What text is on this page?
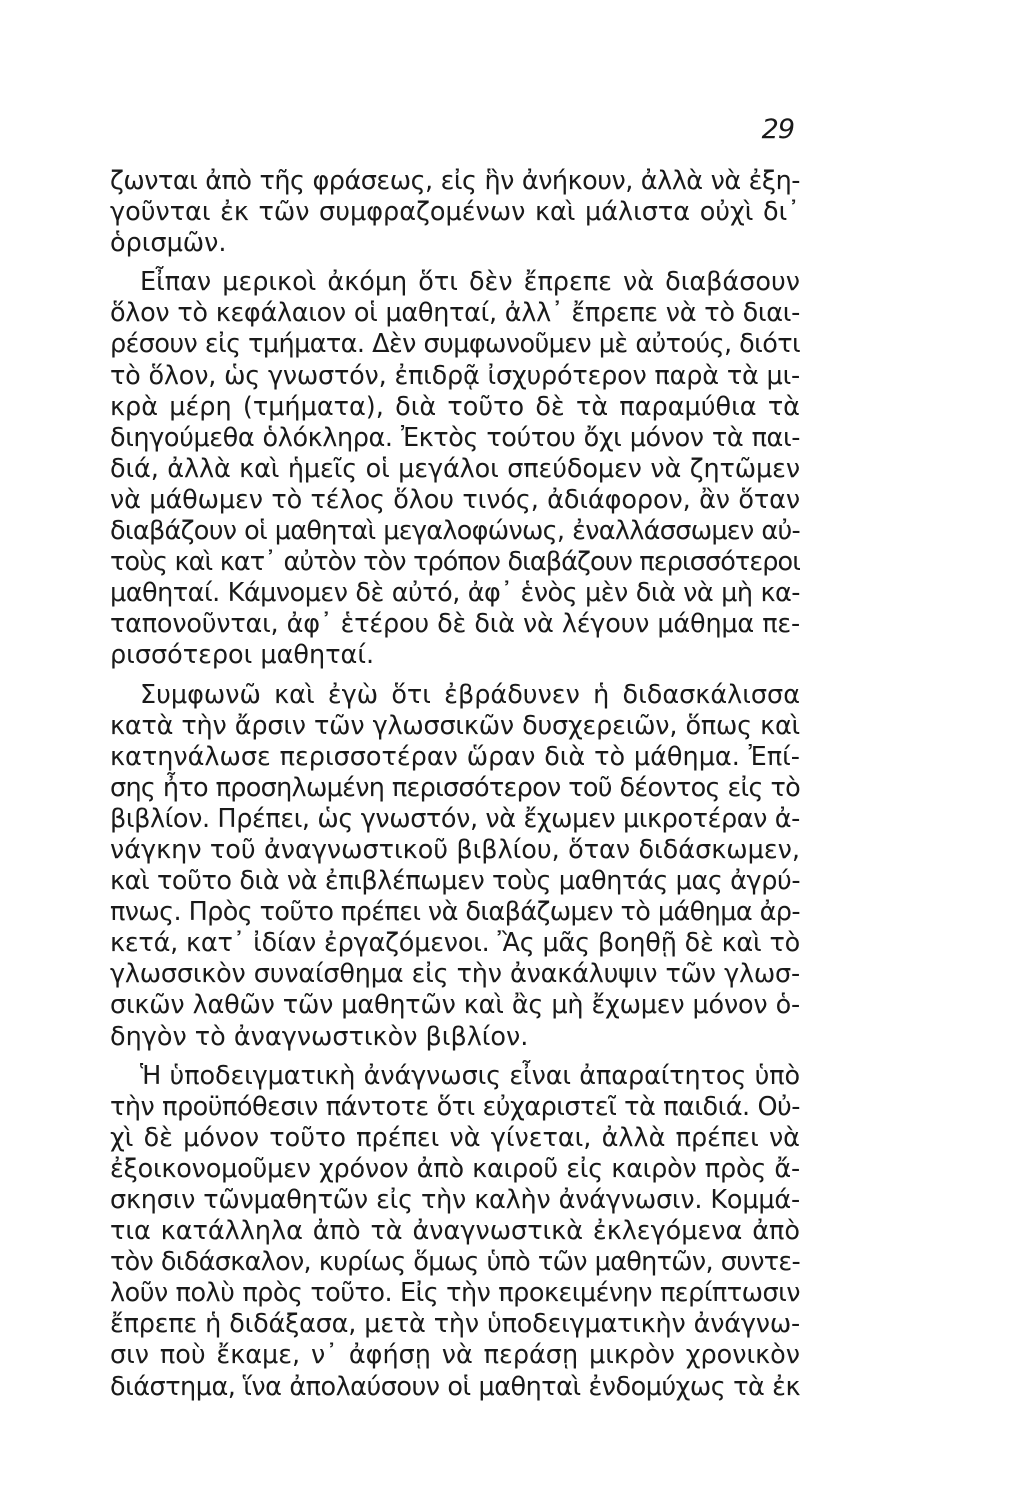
29
ζωνται ἀπὸ τῆς φράσεως, εἰς ἣν ἀνήκουν, ἀλλὰ νὰ ἐξη-
γοῦνται ἐκ τῶν συμφραζομένων καὶ μάλιστα οὐχὶ δι᾽
ὁρισμῶν.
Εἶπαν μερικοὶ ἀκόμη ὅτι δὲν ἔπρεπε νὰ διαβάσουν
ὅλον τὸ κεφάλαιον οἱ μαθηταί, ἀλλ᾽ ἔπρεπε νὰ τὸ διαι-
ρέσουν εἰς τμήματα. Δὲν συμφωνοῦμεν μὲ αὐτούς, διότι
τὸ ὅλον, ὡς γνωστόν, ἐπιδρᾷ ἰσχυρότερον παρὰ τὰ μι-
κρὰ μέρη (τμήματα), διὰ τοῦτο δὲ τὰ παραμύθια τὰ
διηγούμεθα ὁλόκληρα. Ἐκτὸς τούτου ὄχι μόνον τὰ παι-
διά, ἀλλὰ καὶ ἡμεῖς οἱ μεγάλοι σπεύδομεν νὰ ζητῶμεν
νὰ μάθωμεν τὸ τέλος ὅλου τινός, ἀδιάφορον, ἂν ὅταν
διαβάζουν οἱ μαθηταὶ μεγαλοφώνως, ἐναλλάσσωμεν αὐ-
τοὺς καὶ κατ᾽ αὐτὸν τὸν τρόπον διαβάζουν περισσότεροι
μαθηταί. Κάμνομεν δὲ αὐτό, ἀφ᾽ ἑνὸς μὲν διὰ νὰ μὴ κα-
ταπονοῦνται, ἀφ᾽ ἑτέρου δὲ διὰ νὰ λέγουν μάθημα πε-
ρισσότεροι μαθηταί.
Συμφωνῶ καὶ ἐγὼ ὅτι ἐβράδυνεν ἡ διδασκάλισσα
κατὰ τὴν ἄρσιν τῶν γλωσσικῶν δυσχερειῶν, ὅπως καὶ
κατηνάλωσε περισσοτέραν ὥραν διὰ τὸ μάθημα. Ἐπί-
σης ἦτο προσηλωμένη περισσότερον τοῦ δέοντος εἰς τὸ
βιβλίον. Πρέπει, ὡς γνωστόν, νὰ ἔχωμεν μικροτέραν ἀ-
νάγκην τοῦ ἀναγνωστικοῦ βιβλίου, ὅταν διδάσκωμεν,
καὶ τοῦτο διὰ νὰ ἐπιβλέπωμεν τοὺς μαθητάς μας ἀγρύ-
πνως. Πρὸς τοῦτο πρέπει νὰ διαβάζωμεν τὸ μάθημα ἀρ-
κετά, κατ᾽ ἰδίαν ἐργαζόμενοι. Ἂς μᾶς βοηθῇ δὲ καὶ τὸ
γλωσσικὸν συναίσθημα εἰς τὴν ἀνακάλυψιν τῶν γλωσ-
σικῶν λαθῶν τῶν μαθητῶν καὶ ἂς μὴ ἔχωμεν μόνον ὁ-
δηγὸν τὸ ἀναγνωστικὸν βιβλίον.
Ἡ ὑποδειγματικὴ ἀνάγνωσις εἶναι ἀπαραίτητος ὑπὸ
τὴν προϋπόθεσιν πάντοτε ὅτι εὐχαριστεῖ τὰ παιδιά. Οὐ-
χὶ δὲ μόνον τοῦτο πρέπει νὰ γίνεται, ἀλλὰ πρέπει νὰ
ἐξοικονομοῦμεν χρόνον ἀπὸ καιροῦ εἰς καιρὸν πρὸς ἄ-
σκησιν τῶνμαθητῶν εἰς τὴν καλὴν ἀνάγνωσιν. Κομμά-
τια κατάλληλα ἀπὸ τὰ ἀναγνωστικὰ ἐκλεγόμενα ἀπὸ
τὸν διδάσκαλον, κυρίως ὅμως ὑπὸ τῶν μαθητῶν, συντε-
λοῦν πολὺ πρὸς τοῦτο. Εἰς τὴν προκειμένην περίπτωσιν
ἔπρεπε ἡ διδάξασα, μετὰ τὴν ὑποδειγματικὴν ἀνάγνω-
σιν ποὺ ἔκαμε, ν᾽ ἀφήσῃ νὰ περάσῃ μικρὸν χρονικὸν
διάστημα, ἵνα ἀπολαύσουν οἱ μαθηταὶ ἐνδομύχως τὰ ἐκ
